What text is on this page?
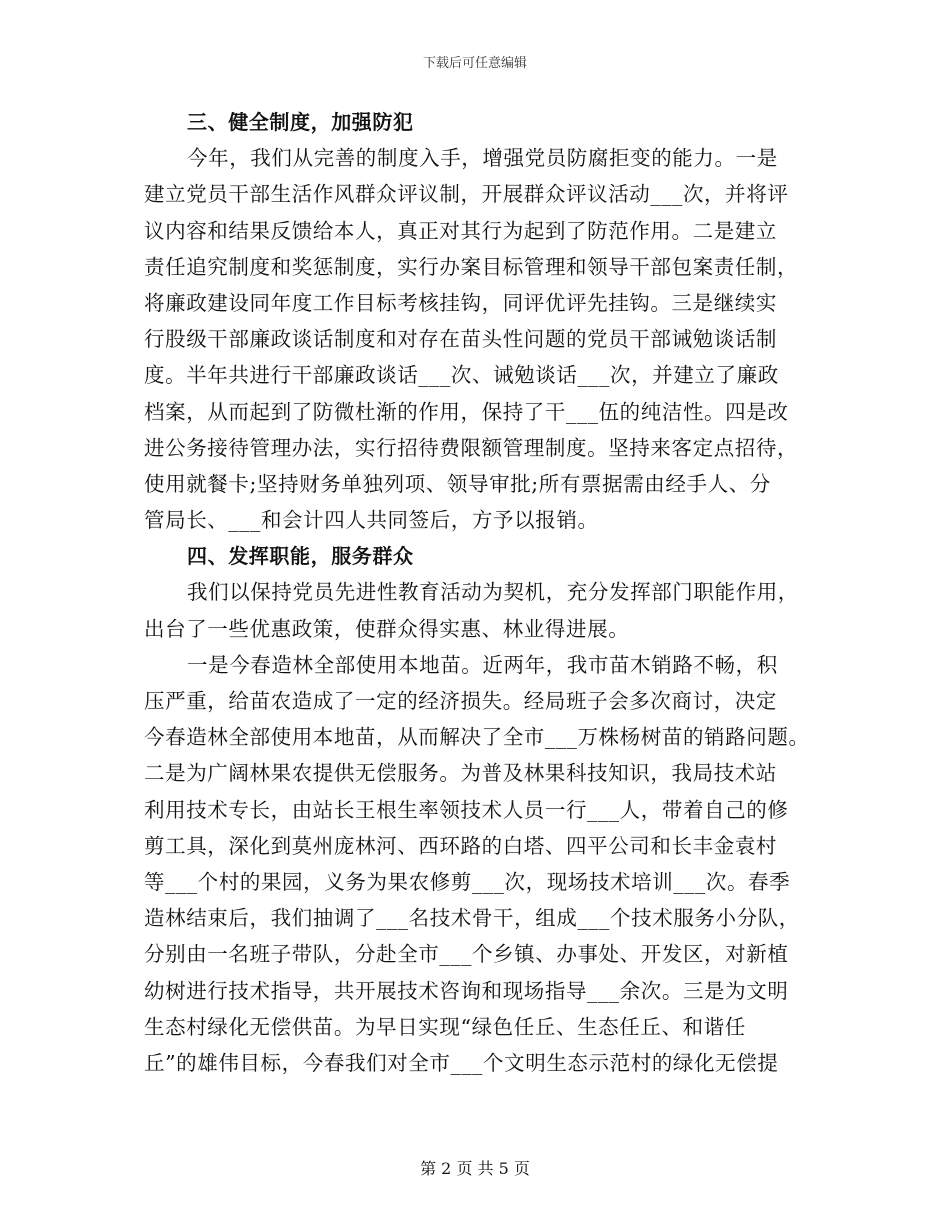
下载后可任意编辑
三、健全制度，加强防犯
今年，我们从完善的制度入手，增强党员防腐拒变的能力。一是
建立党员干部生活作风群众评议制，开展群众评议活动___次，并将评
议内容和结果反馈给本人，真正对其行为起到了防范作用。二是建立
责任追究制度和奖惩制度，实行办案目标管理和领导干部包案责任制，
将廉政建设同年度工作目标考核挂钩，同评优评先挂钩。三是继续实
行股级干部廉政谈话制度和对存在苗头性问题的党员干部诫勉谈话制
度。半年共进行干部廉政谈话___次、诫勉谈话___次，并建立了廉政
档案，从而起到了防微杜渐的作用，保持了干___伍的纯洁性。四是改
进公务接待管理办法，实行招待费限额管理制度。坚持来客定点招待，
使用就餐卡;坚持财务单独列项、领导审批;所有票据需由经手人、分
管局长、___和会计四人共同签后，方予以报销。
四、发挥职能，服务群众
我们以保持党员先进性教育活动为契机，充分发挥部门职能作用，
出台了一些优惠政策，使群众得实惠、林业得进展。
一是今春造林全部使用本地苗。近两年，我市苗木销路不畅，积
压严重，给苗农造成了一定的经济损失。经局班子会多次商讨，决定
今春造林全部使用本地苗，从而解决了全市___万株杨树苗的销路问题。
二是为广阔林果农提供无偿服务。为普及林果科技知识，我局技术站
利用技术专长，由站长王根生率领技术人员一行___人，带着自己的修
剪工具，深化到莫州庞林河、西环路的白塔、四平公司和长丰金袁村
等___个村的果园，义务为果农修剪___次，现场技术培训___次。春季
造林结束后，我们抽调了___名技术骨干，组成___个技术服务小分队，
分别由一名班子带队，分赴全市___个乡镇、办事处、开发区，对新植
幼树进行技术指导，共开展技术咨询和现场指导___余次。三是为文明
生态村绿化无偿供苗。为早日实现“绿色任丘、生态任丘、和谐任
丘”的雄伟目标，今春我们对全市___个文明生态示范村的绿化无偿提
第 2 页 共 5 页
